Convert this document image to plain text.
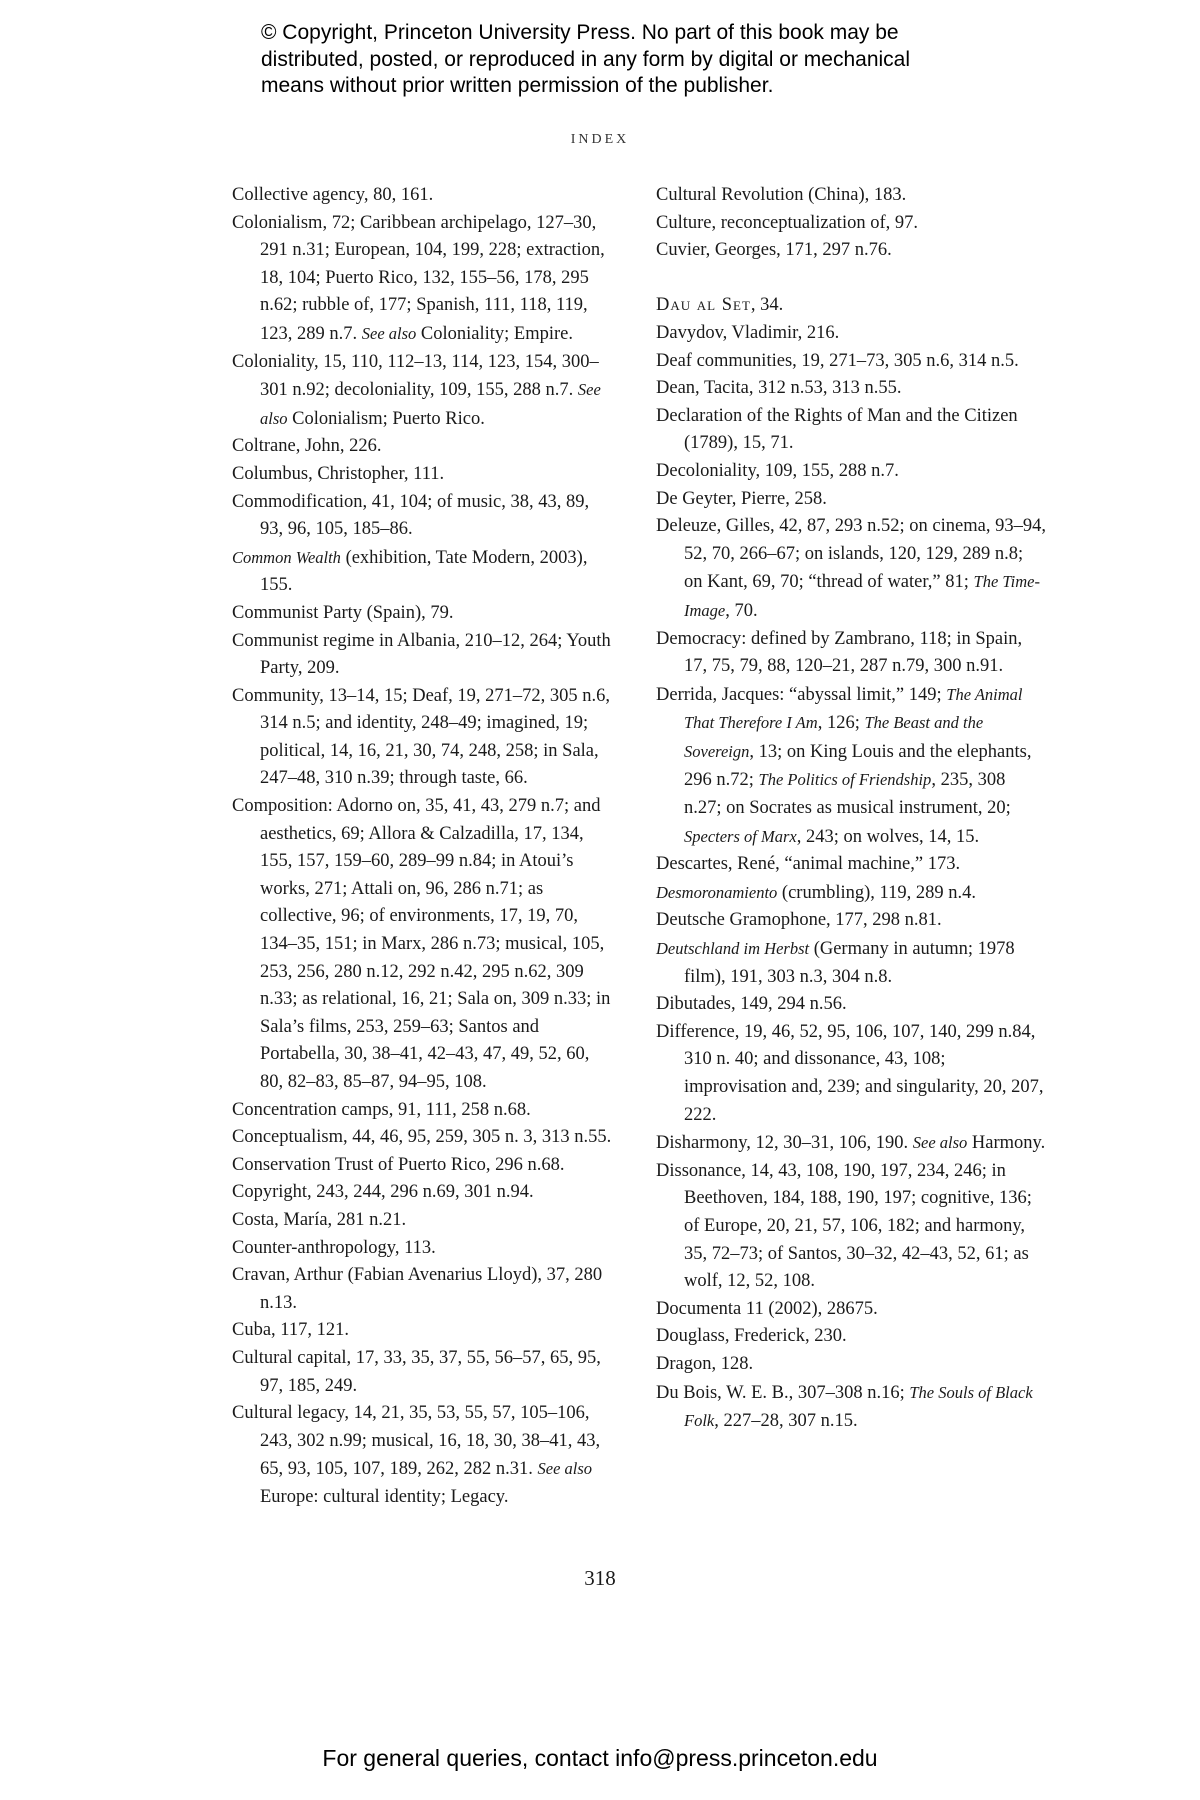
© Copyright, Princeton University Press. No part of this book may be distributed, posted, or reproduced in any form by digital or mechanical means without prior written permission of the publisher.
INDEX
Collective agency, 80, 161.
Colonialism, 72; Caribbean archipelago, 127–30, 291 n.31; European, 104, 199, 228; extraction, 18, 104; Puerto Rico, 132, 155–56, 178, 295 n.62; rubble of, 177; Spanish, 111, 118, 119, 123, 289 n.7. See also Coloniality; Empire.
Coloniality, 15, 110, 112–13, 114, 123, 154, 300–301 n.92; decoloniality, 109, 155, 288 n.7. See also Colonialism; Puerto Rico.
Coltrane, John, 226.
Columbus, Christopher, 111.
Commodification, 41, 104; of music, 38, 43, 89, 93, 96, 105, 185–86.
Common Wealth (exhibition, Tate Modern, 2003), 155.
Communist Party (Spain), 79.
Communist regime in Albania, 210–12, 264; Youth Party, 209.
Community, 13–14, 15; Deaf, 19, 271–72, 305 n.6, 314 n.5; and identity, 248–49; imagined, 19; political, 14, 16, 21, 30, 74, 248, 258; in Sala, 247–48, 310 n.39; through taste, 66.
Composition: Adorno on, 35, 41, 43, 279 n.7; and aesthetics, 69; Allora & Calzadilla, 17, 134, 155, 157, 159–60, 289–99 n.84; in Atoui’s works, 271; Attali on, 96, 286 n.71; as collective, 96; of environments, 17, 19, 70, 134–35, 151; in Marx, 286 n.73; musical, 105, 253, 256, 280 n.12, 292 n.42, 295 n.62, 309 n.33; as relational, 16, 21; Sala on, 309 n.33; in Sala’s films, 253, 259–63; Santos and Portabella, 30, 38–41, 42–43, 47, 49, 52, 60, 80, 82–83, 85–87, 94–95, 108.
Concentration camps, 91, 111, 258 n.68.
Conceptualism, 44, 46, 95, 259, 305 n. 3, 313 n.55.
Conservation Trust of Puerto Rico, 296 n.68.
Copyright, 243, 244, 296 n.69, 301 n.94.
Costa, María, 281 n.21.
Counter-anthropology, 113.
Cravan, Arthur (Fabian Avenarius Lloyd), 37, 280 n.13.
Cuba, 117, 121.
Cultural capital, 17, 33, 35, 37, 55, 56–57, 65, 95, 97, 185, 249.
Cultural legacy, 14, 21, 35, 53, 55, 57, 105–106, 243, 302 n.99; musical, 16, 18, 30, 38–41, 43, 65, 93, 105, 107, 189, 262, 282 n.31. See also Europe: cultural identity; Legacy.
Cultural Revolution (China), 183.
Culture, reconceptualization of, 97.
Cuvier, Georges, 171, 297 n.76.
Dau al Set, 34.
Davydov, Vladimir, 216.
Deaf communities, 19, 271–73, 305 n.6, 314 n.5.
Dean, Tacita, 312 n.53, 313 n.55.
Declaration of the Rights of Man and the Citizen (1789), 15, 71.
Decoloniality, 109, 155, 288 n.7.
De Geyter, Pierre, 258.
Deleuze, Gilles, 42, 87, 293 n.52; on cinema, 93–94, 52, 70, 266–67; on islands, 120, 129, 289 n.8; on Kant, 69, 70; “thread of water,” 81; The Time-Image, 70.
Democracy: defined by Zambrano, 118; in Spain, 17, 75, 79, 88, 120–21, 287 n.79, 300 n.91.
Derrida, Jacques: “abyssal limit,” 149; The Animal That Therefore I Am, 126; The Beast and the Sovereign, 13; on King Louis and the elephants, 296 n.72; The Politics of Friendship, 235, 308 n.27; on Socrates as musical instrument, 20; Specters of Marx, 243; on wolves, 14, 15.
Descartes, René, “animal machine,” 173.
Desmoronamiento (crumbling), 119, 289 n.4.
Deutsche Gramophone, 177, 298 n.81.
Deutschland im Herbst (Germany in autumn; 1978 film), 191, 303 n.3, 304 n.8.
Dibutades, 149, 294 n.56.
Difference, 19, 46, 52, 95, 106, 107, 140, 299 n.84, 310 n. 40; and dissonance, 43, 108; improvisation and, 239; and singularity, 20, 207, 222.
Disharmony, 12, 30–31, 106, 190. See also Harmony.
Dissonance, 14, 43, 108, 190, 197, 234, 246; in Beethoven, 184, 188, 190, 197; cognitive, 136; of Europe, 20, 21, 57, 106, 182; and harmony, 35, 72–73; of Santos, 30–32, 42–43, 52, 61; as wolf, 12, 52, 108.
Documenta 11 (2002), 28675.
Douglass, Frederick, 230.
Dragon, 128.
Du Bois, W. E. B., 307–308 n.16; The Souls of Black Folk, 227–28, 307 n.15.
318
For general queries, contact info@press.princeton.edu
